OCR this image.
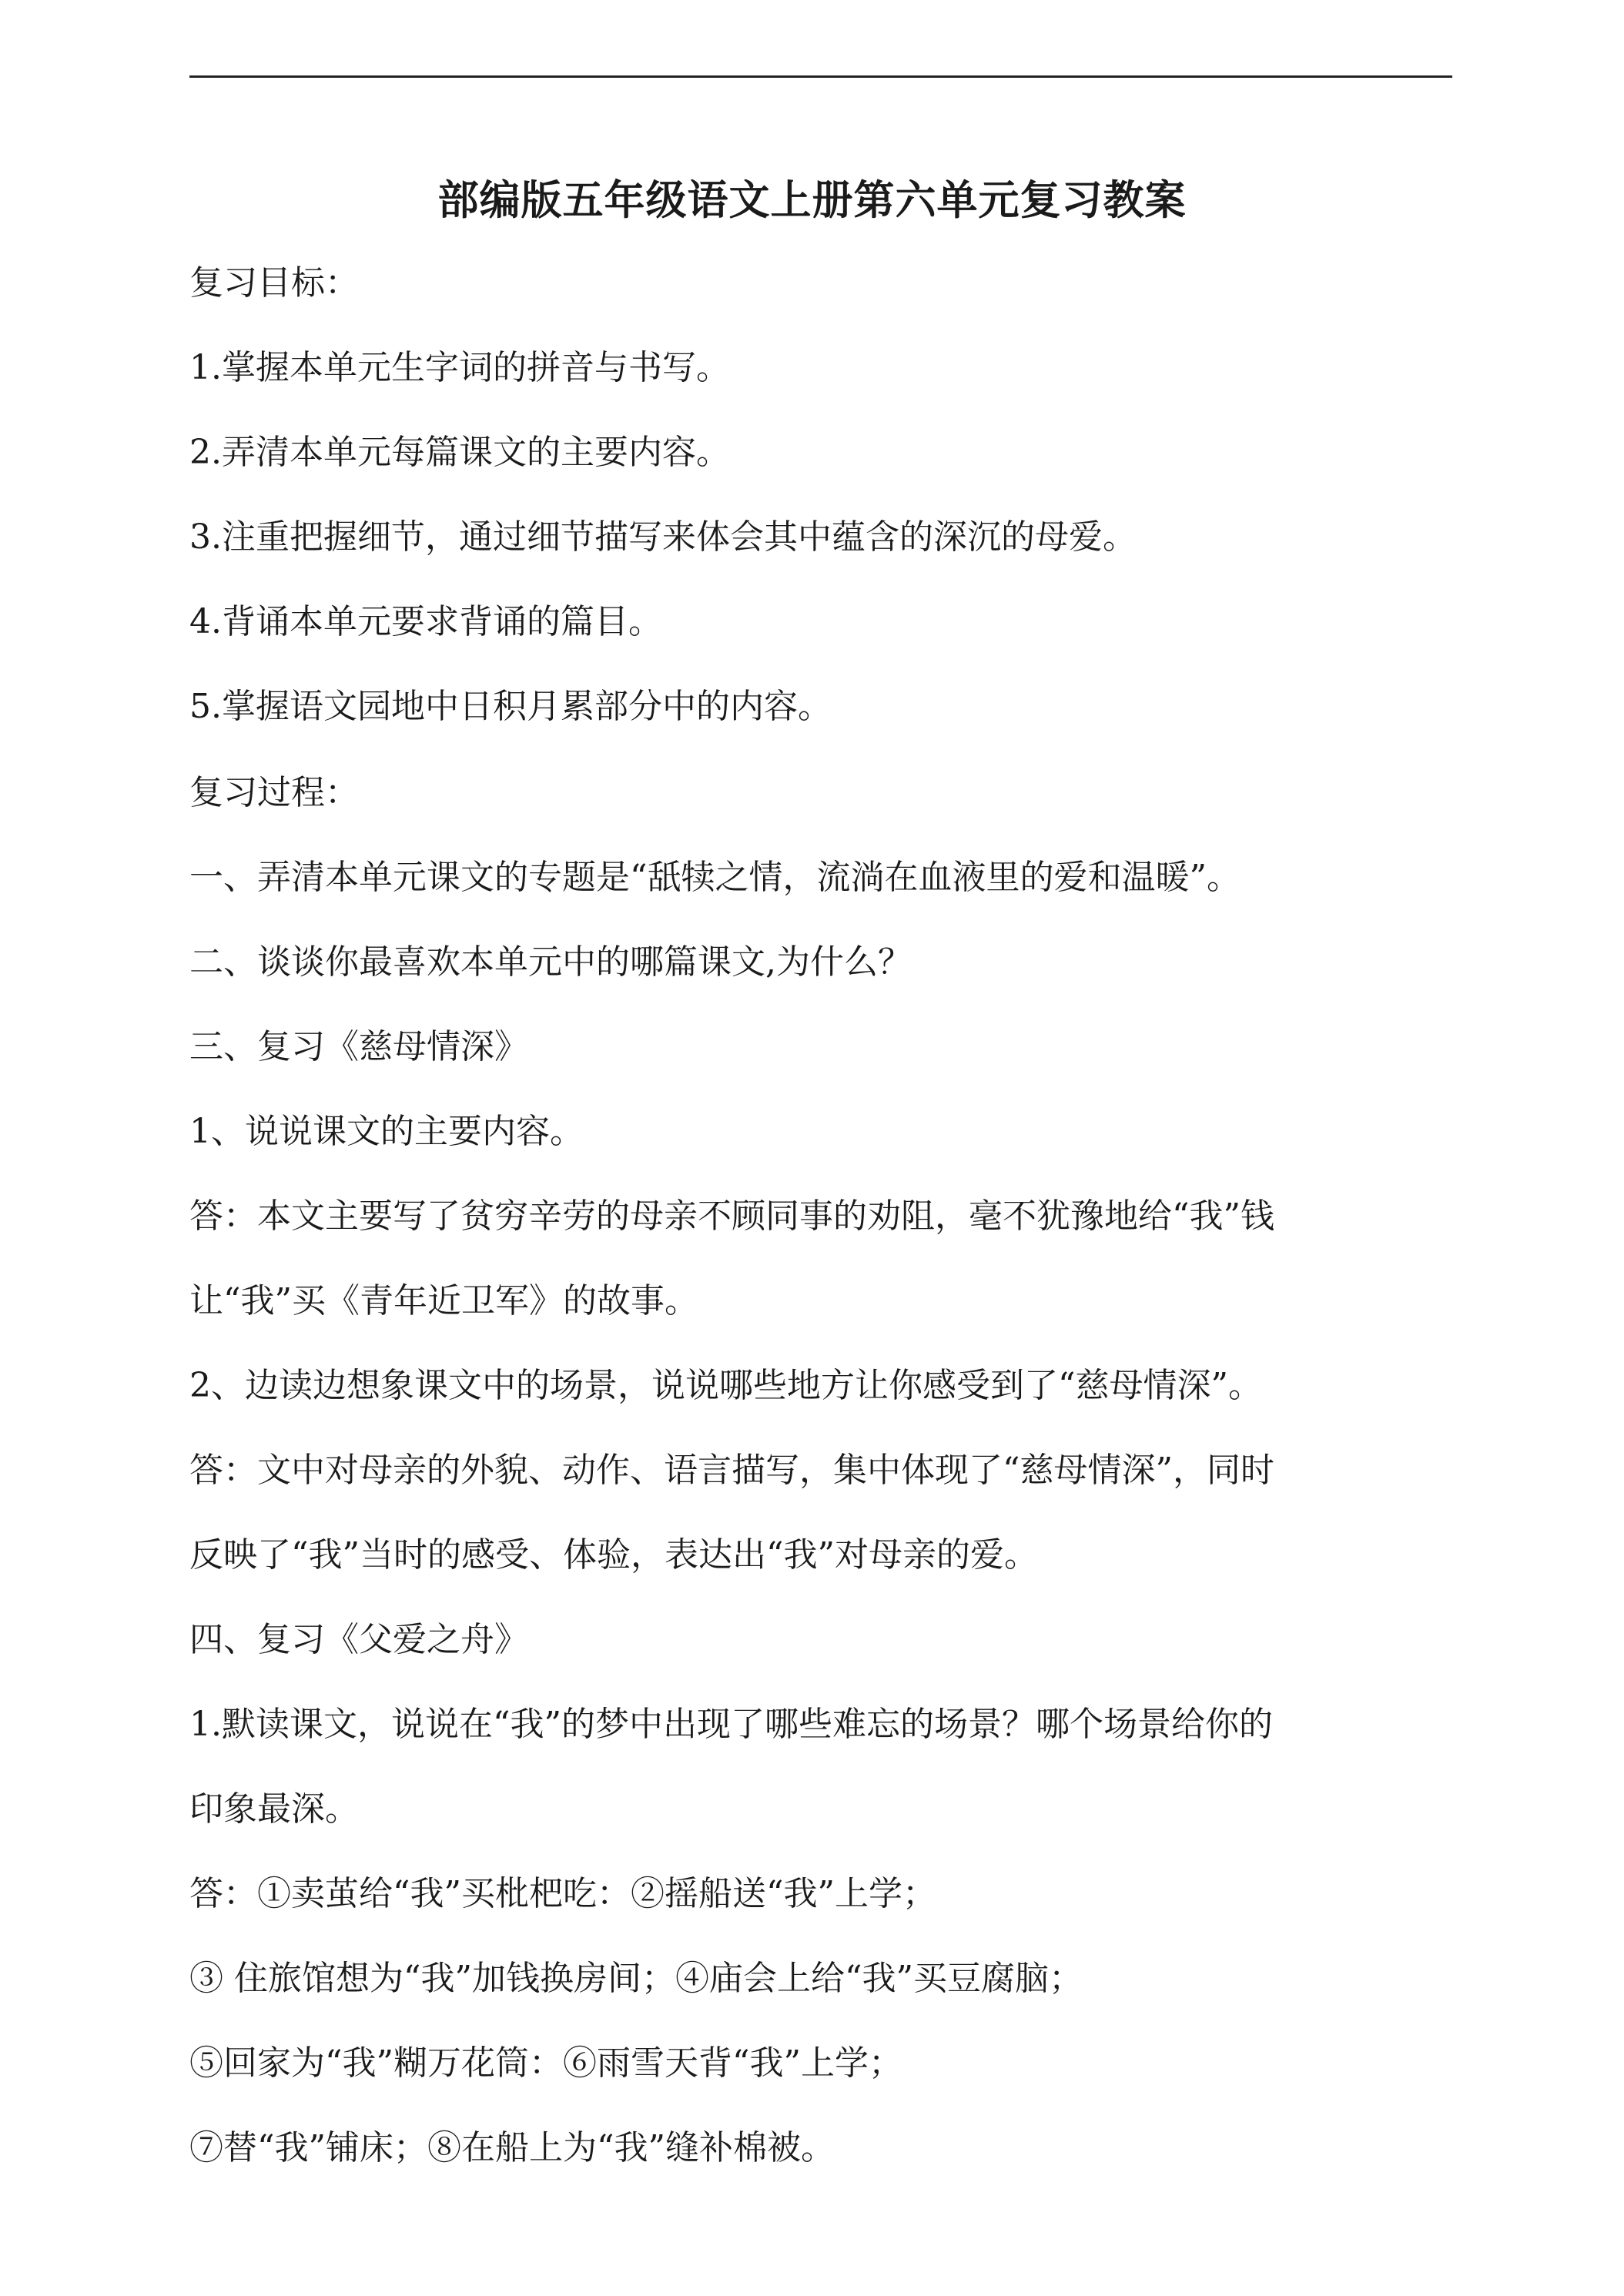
部编版五年级语文上册第六单元复习教案

复习目标：

1.掌握本单元生字词的拼音与书写。

2.弄清本单元每篇课文的主要内容。

3.注重把握细节，通过细节描写来体会其中蕴含的深沉的母爱。

4.背诵本单元要求背诵的篇目。

5.掌握语文园地中日积月累部分中的内容。

复习过程：

一、弄清本单元课文的专题是“舐犊之情，流淌在血液里的爱和温暖”。

二、谈谈你最喜欢本单元中的哪篇课文,为什么？

三、复习《慈母情深》

1、说说课文的主要内容。

答：本文主要写了贫穷辛劳的母亲不顾同事的劝阻，毫不犹豫地给“我”钱

让“我”买《青年近卫军》的故事。

2、边读边想象课文中的场景，说说哪些地方让你感受到了“慈母情深”。

答：文中对母亲的外貌、动作、语言描写，集中体现了“慈母情深”，同时

反映了“我”当时的感受、体验，表达出“我”对母亲的爱。

四、复习《父爱之舟》

1.默读课文，说说在“我”的梦中出现了哪些难忘的场景？哪个场景给你的

印象最深。

答：①卖茧给“我”买枇杷吃：②摇船送“我”上学；

③ 住旅馆想为“我”加钱换房间；④庙会上给“我”买豆腐脑；

⑤回家为“我”糊万花筒：⑥雨雪天背“我”上学；

⑦替“我”铺床；⑧在船上为“我”缝补棉被。
